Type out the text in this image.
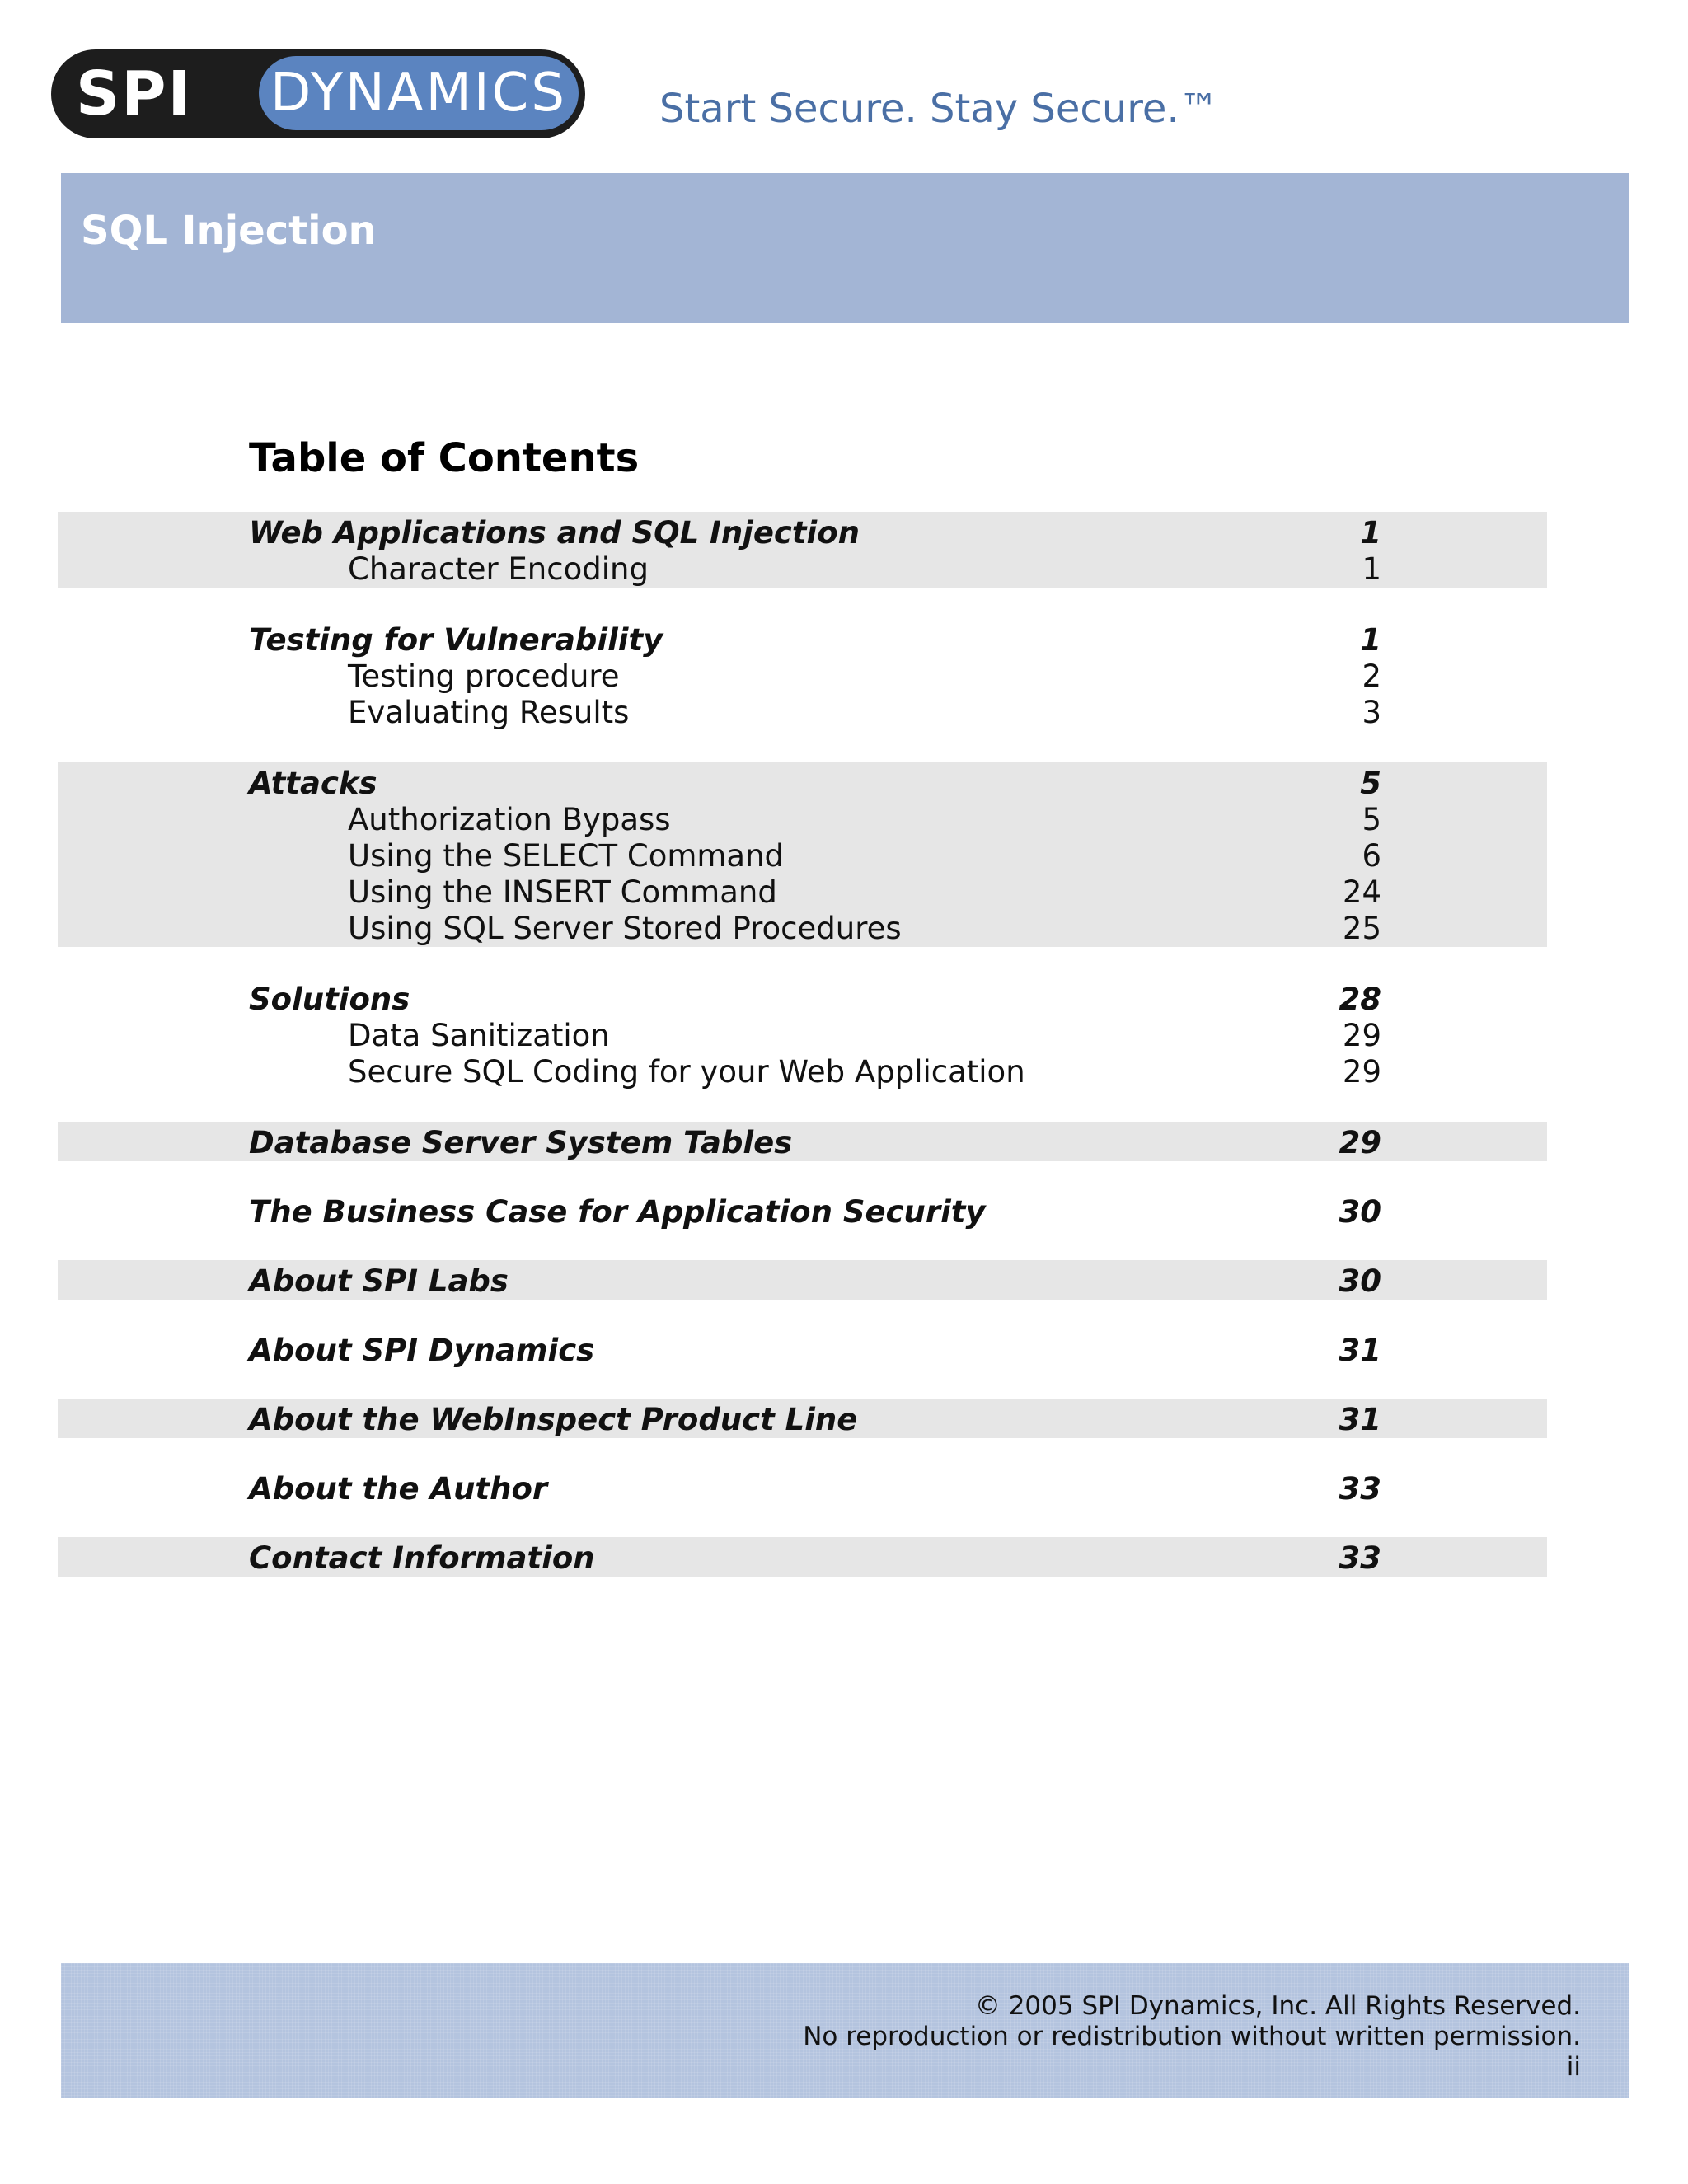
SPI	DYNAMICS Start Secure. Stay Secure.™
SQL Injection
Table of Contents
Web Applications and SQL Injection	1
Character Encoding	1
Testing for Vulnerability	1
Testing procedure	2
Evaluating Results	3
Attacks	5
Authorization Bypass	5
Using the SELECT Command	6
Using the INSERT Command	24
Using SQL Server Stored Procedures	25
Solutions	28
Data Sanitization	29
Secure SQL Coding for your Web Application	29
Database Server System Tables	29
The Business Case for Application Security	30
About SPI Labs	30
About SPI Dynamics	31
About the WebInspect Product Line	31
About the Author	33
Contact Information	33
© 2005 SPI Dynamics, Inc. All Rights Reserved.
No reproduction or redistribution without written permission.
ii
